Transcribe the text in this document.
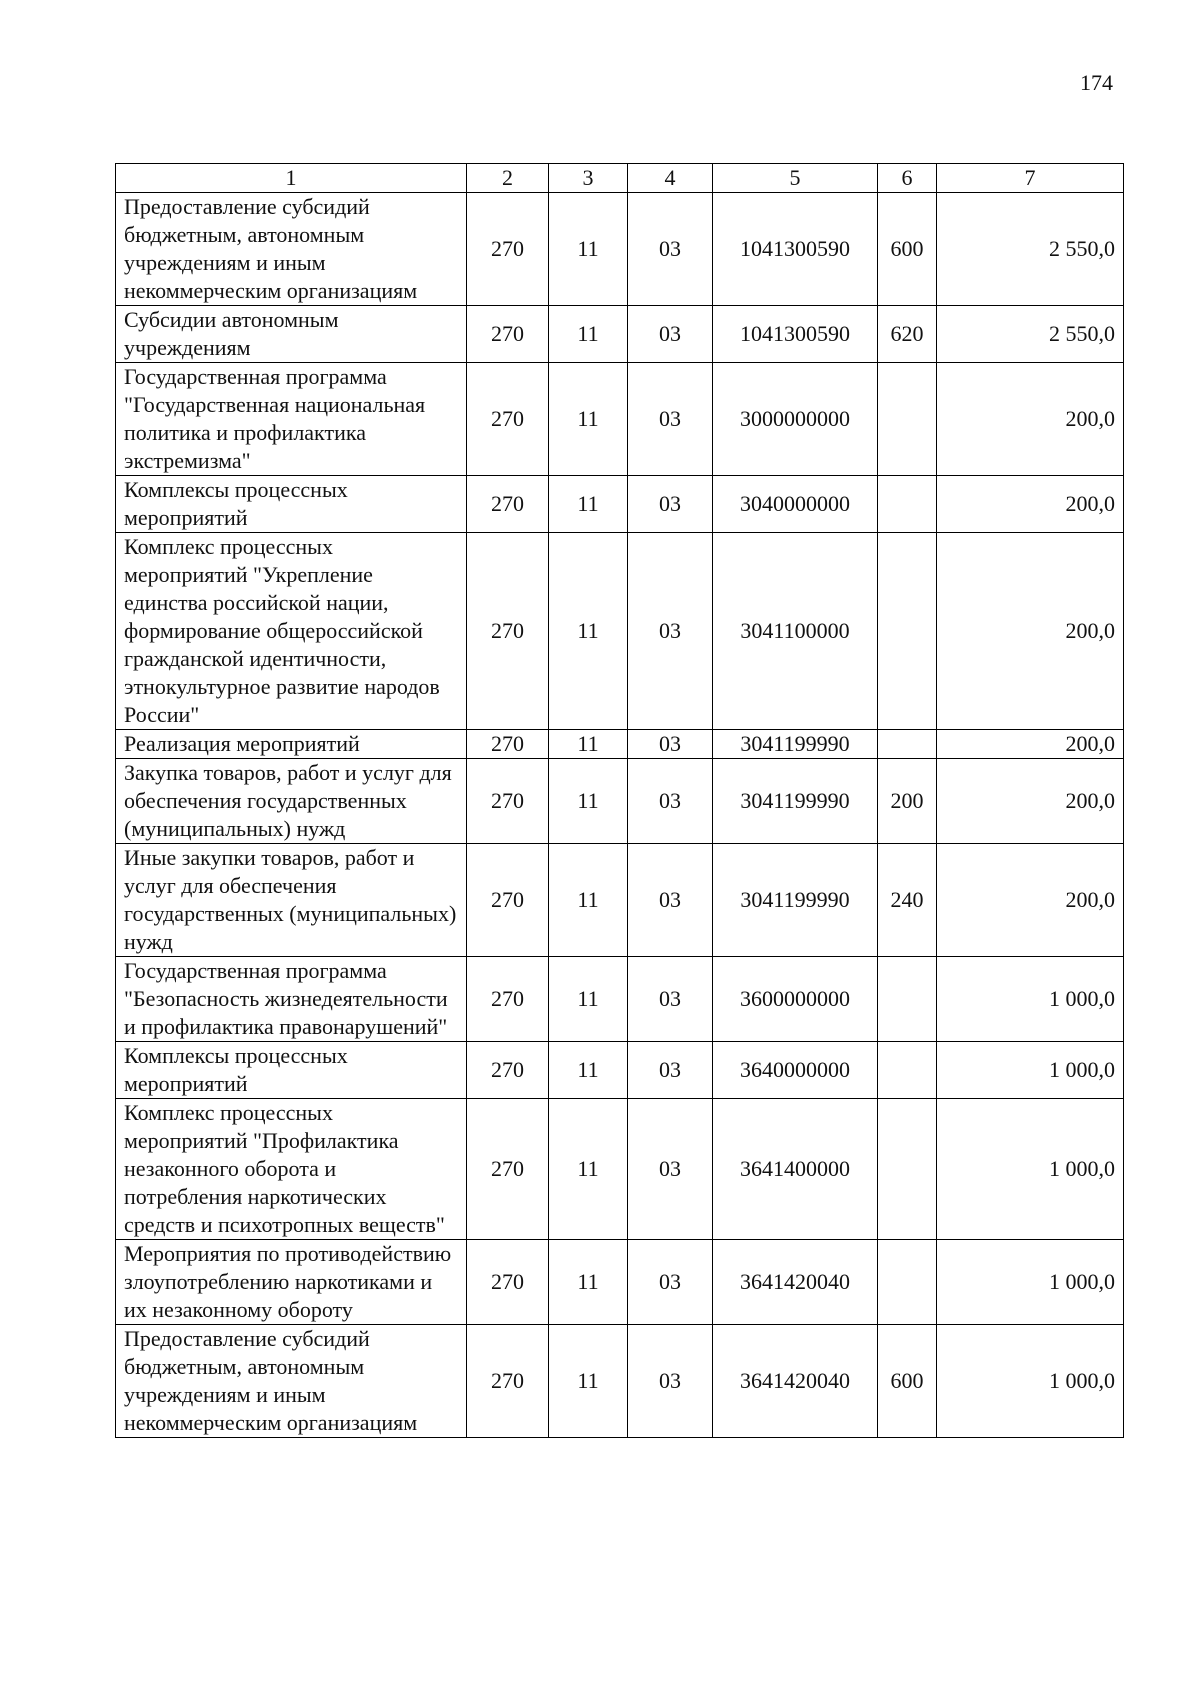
174
1	2	3	4	5	6	7
Предоставление субсидий бюджетным, автономным учреждениям и иным некоммерческим организациям	270	11	03	1041300590	600	2 550,0
Субсидии автономным учреждениям	270	11	03	1041300590	620	2 550,0
Государственная программа "Государственная национальная политика и профилактика экстремизма"	270	11	03	3000000000		200,0
Комплексы процессных мероприятий	270	11	03	3040000000		200,0
Комплекс процессных мероприятий "Укрепление единства российской нации, формирование общероссийской гражданской идентичности, этнокультурное развитие народов России"	270	11	03	3041100000		200,0
Реализация мероприятий	270	11	03	3041199990		200,0
Закупка товаров, работ и услуг для обеспечения государственных (муниципальных) нужд	270	11	03	3041199990	200	200,0
Иные закупки товаров, работ и услуг для обеспечения государственных (муниципальных) нужд	270	11	03	3041199990	240	200,0
Государственная программа "Безопасность жизнедеятельности и профилактика правонарушений"	270	11	03	3600000000		1 000,0
Комплексы процессных мероприятий	270	11	03	3640000000		1 000,0
Комплекс процессных мероприятий "Профилактика незаконного оборота и потребления наркотических средств и психотропных веществ"	270	11	03	3641400000		1 000,0
Мероприятия по противодействию злоупотреблению наркотиками и их незаконному обороту	270	11	03	3641420040		1 000,0
Предоставление субсидий бюджетным, автономным учреждениям и иным некоммерческим организациям	270	11	03	3641420040	600	1 000,0
